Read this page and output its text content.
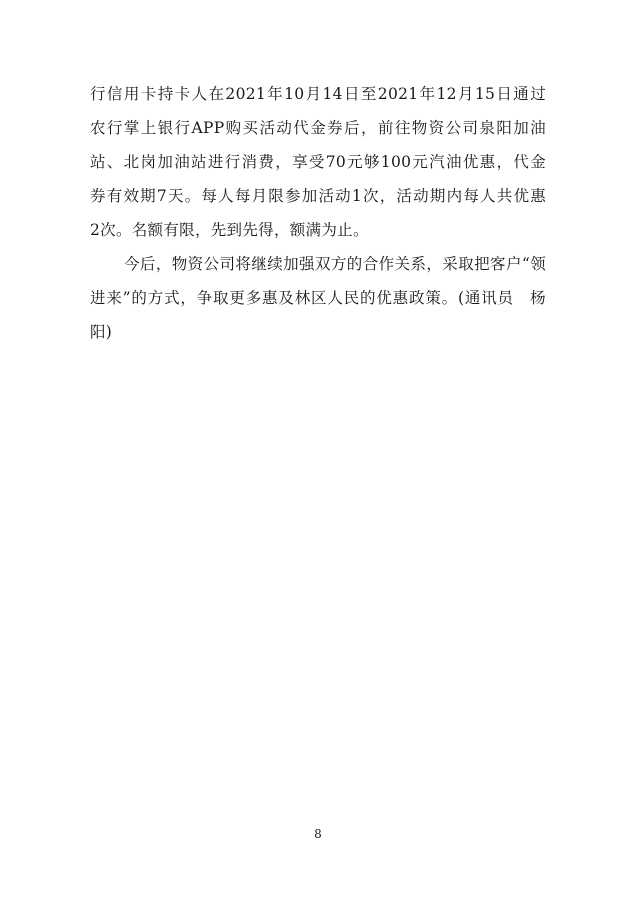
行信用卡持卡人在2021年10月14日至2021年12月15日通过
农行掌上银行APP购买活动代金券后，前往物资公司泉阳加油
站、北岗加油站进行消费，享受70元够100元汽油优惠，代金
券有效期7天。每人每月限参加活动1次，活动期内每人共优惠
2次。名额有限，先到先得，额满为止。
今后，物资公司将继续加强双方的合作关系，采取把客户“领
进来”的方式，争取更多惠及林区人民的优惠政策。(通讯员　杨
阳)
8
